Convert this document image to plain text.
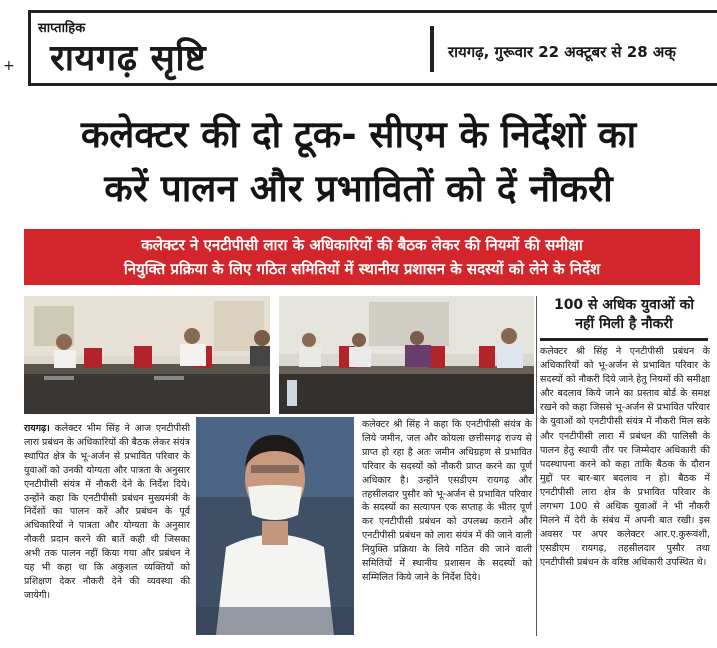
साप्ताहिक
रायगढ़ सृष्टि	रायगढ़, गुरूवार 22 अक्टूबर से 28 अक्
+
कलेक्टर की दो टूक- सीएम के निर्देशों का
करें पालन और प्रभावितों को दें नौकरी
कलेक्टर ने एनटीपीसी लारा के अधिकारियों की बैठक लेकर की नियमों की समीक्षा
नियुक्ति प्रक्रिया के लिए गठित समितियों में स्थानीय प्रशासन के सदस्यों को लेने के निर्देश
100 से अधिक युवाओं को
नहीं मिली है नौकरी
कलेक्टर श्री सिंह ने एनटीपीसी प्रबंधन के अधिकारियों को भू-अर्जन से प्रभावित परिवार के सदस्यों को नौकरी दिये जाने हेतु नियमों की समीक्षा और बदलाव किये जाने का प्रस्ताव बोर्ड के समक्ष रखने को कहा जिससे भू-अर्जन से प्रभावित परिवार के युवाओं को एनटीपीसी संयंत्र में नौकरी मिल सके और एनटीपीसी लारा में प्रबंधन की पालिसी के पालन हेतु स्थायी तौर पर जिम्मेदार अधिकारी की पदस्थापना करने को कहा ताकि बैठक के दौरान मुद्दों पर बार-बार बदलाव न हो। बैठक में एनटीपीसी लारा क्षेत्र के प्रभावित परिवार के लगभग 100 से अधिक युवाओं ने भी नौकरी मिलने में देरी के संबंध में अपनी बात रखी। इस अवसर पर अपर कलेक्टर आर.ए.कुरूवंशी, एसडीएम रायगढ़, तहसीलदार पुसौर तथा एनटीपीसी प्रबंधन के वरिष्ठ अधिकारी उपस्थित थे।
रायगढ़। कलेक्टर भीम सिंह ने आज एनटीपीसी लारा प्रबंधन के अधिकारियों की बैठक लेकर संयंत्र स्थापित क्षेत्र के भू-अर्जन से प्रभावित परिवार के युवाओं को उनकी योग्यता और पात्रता के अनुसार एनटीपीसी संयंत्र में नौकरी देने के निर्देश दिये। उन्होंने कहा कि एनटीपीसी प्रबंधन मुख्यमंत्री के निर्देशों का पालन करें और प्रबंधन के पूर्व अधिकारियों ने पात्रता और योग्यता के अनुसार नौकरी प्रदान करने की बातें कही थी जिसका अभी तक पालन नहीं किया गया और प्रबंधन ने यह भी कहा था कि अकुशल व्यक्तियों को प्रशिक्षण देकर नौकरी देने की व्यवस्था की जायेगी।
कलेक्टर श्री सिंह ने कहा कि एनटीपीसी संयंत्र के लिये जमीन, जल और कोयला छत्तीसगढ़ राज्य से प्राप्त हो रहा है अतः जमीन अधिग्रहण से प्रभावित परिवार के सदस्यों को नौकरी प्राप्त करने का पूर्ण अधिकार है। उन्होंने एसडीएम रायगढ़ और तहसीलदार पुसौर को भू-अर्जन से प्रभावित परिवार के सदस्यों का सत्यापन एक सप्ताह के भीतर पूर्ण कर एनटीपीसी प्रबंधन को उपलब्ध कराने और एनटीपीसी प्रबंधन को लारा संयंत्र में की जाने वाली नियुक्ति प्रक्रिया के लिये गठित की जाने वाली समितियों में स्थानीय प्रशासन के सदस्यों को सम्मिलित किये जाने के निर्देश दिये।
